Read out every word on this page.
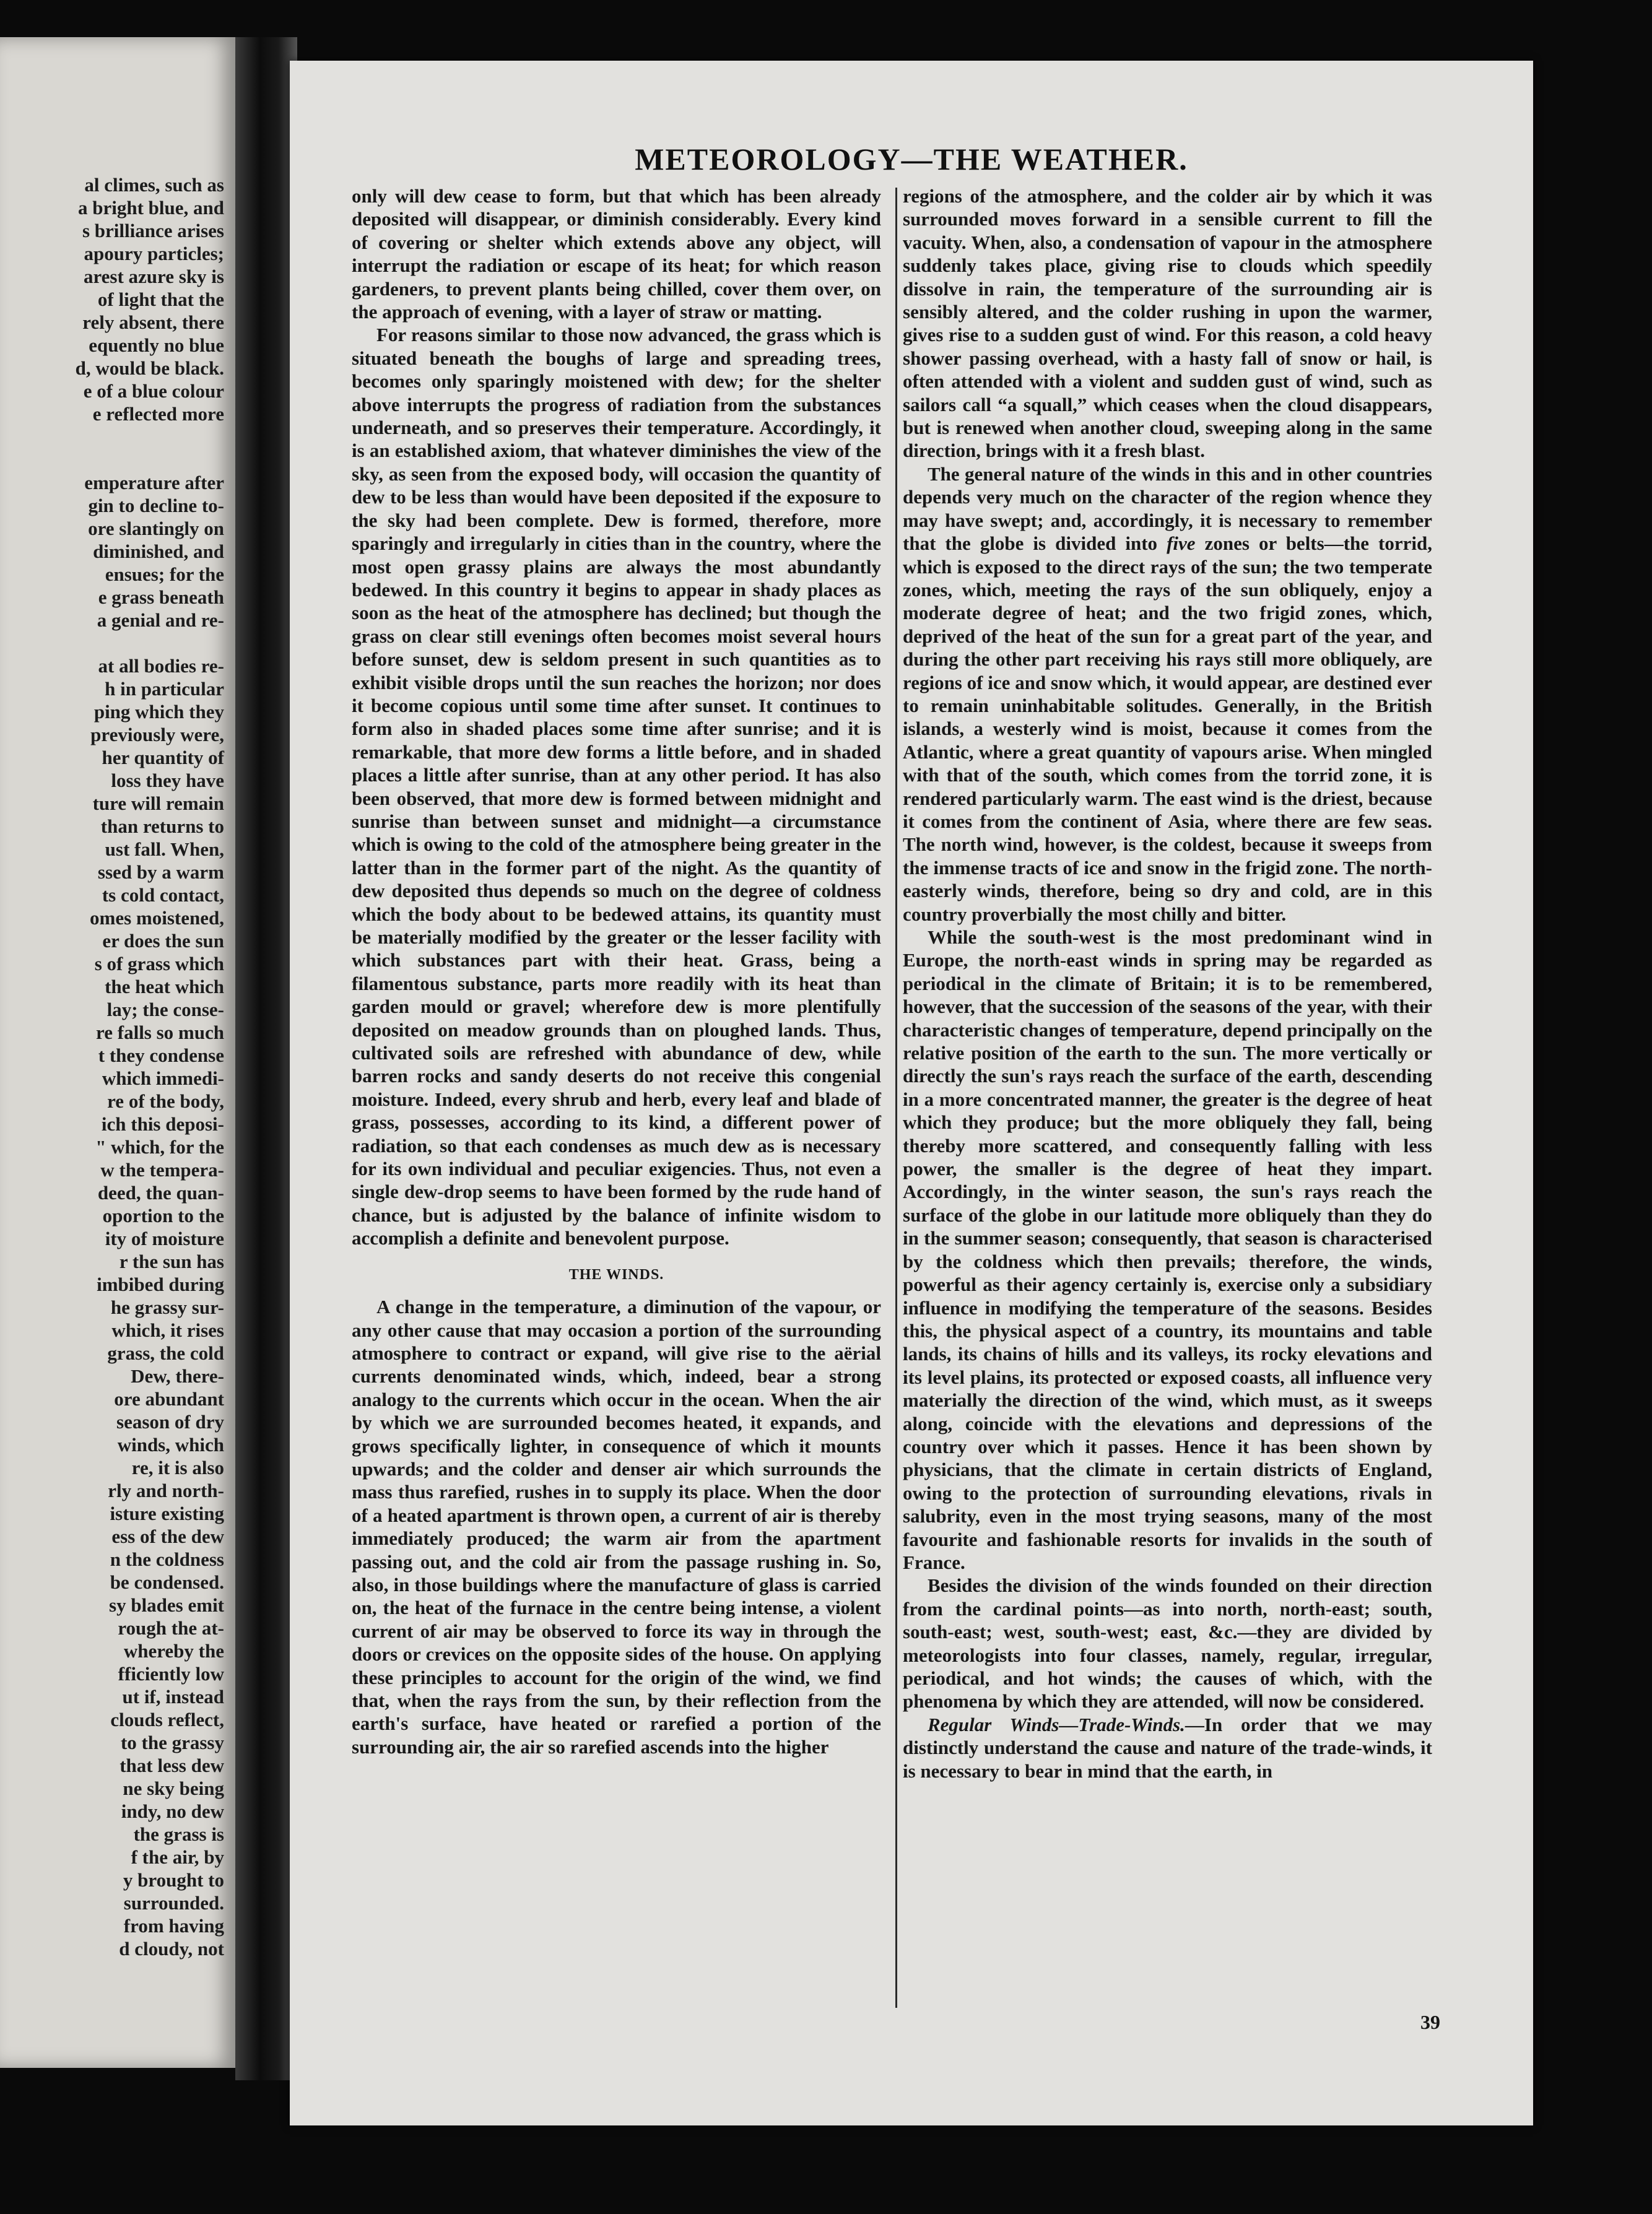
al climes, such as
a bright blue, and
s brilliance arises
apoury particles;
arest azure sky is
of light that the
rely absent, there
equently no blue
d, would be black.
e of a blue colour
e reflected more

emperature after
gin to decline to-
ore slantingly on
diminished, and
ensues; for the
e grass beneath
a genial and re-

at all bodies re-
h in particular
ping which they
previously were,
her quantity of
loss they have
ture will remain
than returns to
ust fall. When,
ssed by a warm
ts cold contact,
omes moistened,
er does the sun
s of grass which
the heat which
lay; the conse-
re falls so much
t they condense
which immedi-
re of the body,
ich this deposi-
" which, for the
w the tempera-
deed, the quan-
oportion to the
ity of moisture
r the sun has
imbibed during
he grassy sur-
which, it rises
grass, the cold
Dew, there-
ore abundant
season of dry
winds, which
re, it is also
rly and north-
isture existing
ess of the dew
n the coldness
be condensed.
sy blades emit
rough the at-
whereby the
fficiently low
ut if, instead
clouds reflect,
to the grassy
that less dew
ne sky being
indy, no dew
the grass is
f the air, by
y brought to
surrounded.
from having
d cloudy, not
METEOROLOGY—THE WEATHER.

only will dew cease to form, but that which has been already deposited will disappear, or diminish considerably. Every kind of covering or shelter which extends above any object, will interrupt the radiation or escape of its heat; for which reason gardeners, to prevent plants being chilled, cover them over, on the approach of evening, with a layer of straw or matting.

For reasons similar to those now advanced, the grass which is situated beneath the boughs of large and spreading trees, becomes only sparingly moistened with dew; for the shelter above interrupts the progress of radiation from the substances underneath, and so preserves their temperature. Accordingly, it is an established axiom, that whatever diminishes the view of the sky, as seen from the exposed body, will occasion the quantity of dew to be less than would have been deposited if the exposure to the sky had been complete. Dew is formed, therefore, more sparingly and irregularly in cities than in the country, where the most open grassy plains are always the most abundantly bedewed. In this country it begins to appear in shady places as soon as the heat of the atmosphere has declined; but though the grass on clear still evenings often becomes moist several hours before sunset, dew is seldom present in such quantities as to exhibit visible drops until the sun reaches the horizon; nor does it become copious until some time after sunset. It continues to form also in shaded places some time after sunrise; and it is remarkable, that more dew forms a little before, and in shaded places a little after sunrise, than at any other period. It has also been observed, that more dew is formed between midnight and sunrise than between sunset and midnight—a circumstance which is owing to the cold of the atmosphere being greater in the latter than in the former part of the night. As the quantity of dew deposited thus depends so much on the degree of coldness which the body about to be bedewed attains, its quantity must be materially modified by the greater or the lesser facility with which substances part with their heat. Grass, being a filamentous substance, parts more readily with its heat than garden mould or gravel; wherefore dew is more plentifully deposited on meadow grounds than on ploughed lands. Thus, cultivated soils are refreshed with abundance of dew, while barren rocks and sandy deserts do not receive this congenial moisture. Indeed, every shrub and herb, every leaf and blade of grass, possesses, according to its kind, a different power of radiation, so that each condenses as much dew as is necessary for its own individual and peculiar exigencies. Thus, not even a single dew-drop seems to have been formed by the rude hand of chance, but is adjusted by the balance of infinite wisdom to accomplish a definite and benevolent purpose.

THE WINDS.

A change in the temperature, a diminution of the vapour, or any other cause that may occasion a portion of the surrounding atmosphere to contract or expand, will give rise to the aërial currents denominated winds, which, indeed, bear a strong analogy to the currents which occur in the ocean. When the air by which we are surrounded becomes heated, it expands, and grows specifically lighter, in consequence of which it mounts upwards; and the colder and denser air which surrounds the mass thus rarefied, rushes in to supply its place. When the door of a heated apartment is thrown open, a current of air is thereby immediately produced; the warm air from the apartment passing out, and the cold air from the passage rushing in. So, also, in those buildings where the manufacture of glass is carried on, the heat of the furnace in the centre being intense, a violent current of air may be observed to force its way in through the doors or crevices on the opposite sides of the house. On applying these principles to account for the origin of the wind, we find that, when the rays from the sun, by their reflection from the earth's surface, have heated or rarefied a portion of the surrounding air, the air so rarefied ascends into the higher

regions of the atmosphere, and the colder air by which it was surrounded moves forward in a sensible current to fill the vacuity. When, also, a condensation of vapour in the atmosphere suddenly takes place, giving rise to clouds which speedily dissolve in rain, the temperature of the surrounding air is sensibly altered, and the colder rushing in upon the warmer, gives rise to a sudden gust of wind. For this reason, a cold heavy shower passing overhead, with a hasty fall of snow or hail, is often attended with a violent and sudden gust of wind, such as sailors call “a squall,” which ceases when the cloud disappears, but is renewed when another cloud, sweeping along in the same direction, brings with it a fresh blast.

The general nature of the winds in this and in other countries depends very much on the character of the region whence they may have swept; and, accordingly, it is necessary to remember that the globe is divided into five zones or belts—the torrid, which is exposed to the direct rays of the sun; the two temperate zones, which, meeting the rays of the sun obliquely, enjoy a moderate degree of heat; and the two frigid zones, which, deprived of the heat of the sun for a great part of the year, and during the other part receiving his rays still more obliquely, are regions of ice and snow which, it would appear, are destined ever to remain uninhabitable solitudes. Generally, in the British islands, a westerly wind is moist, because it comes from the Atlantic, where a great quantity of vapours arise. When mingled with that of the south, which comes from the torrid zone, it is rendered particularly warm. The east wind is the driest, because it comes from the continent of Asia, where there are few seas. The north wind, however, is the coldest, because it sweeps from the immense tracts of ice and snow in the frigid zone. The north-easterly winds, therefore, being so dry and cold, are in this country proverbially the most chilly and bitter.

While the south-west is the most predominant wind in Europe, the north-east winds in spring may be regarded as periodical in the climate of Britain; it is to be remembered, however, that the succession of the seasons of the year, with their characteristic changes of temperature, depend principally on the relative position of the earth to the sun. The more vertically or directly the sun's rays reach the surface of the earth, descending in a more concentrated manner, the greater is the degree of heat which they produce; but the more obliquely they fall, being thereby more scattered, and consequently falling with less power, the smaller is the degree of heat they impart. Accordingly, in the winter season, the sun's rays reach the surface of the globe in our latitude more obliquely than they do in the summer season; consequently, that season is characterised by the coldness which then prevails; therefore, the winds, powerful as their agency certainly is, exercise only a subsidiary influence in modifying the temperature of the seasons. Besides this, the physical aspect of a country, its mountains and table lands, its chains of hills and its valleys, its rocky elevations and its level plains, its protected or exposed coasts, all influence very materially the direction of the wind, which must, as it sweeps along, coincide with the elevations and depressions of the country over which it passes. Hence it has been shown by physicians, that the climate in certain districts of England, owing to the protection of surrounding elevations, rivals in salubrity, even in the most trying seasons, many of the most favourite and fashionable resorts for invalids in the south of France.

Besides the division of the winds founded on their direction from the cardinal points—as into north, north-east; south, south-east; west, south-west; east, &c.—they are divided by meteorologists into four classes, namely, regular, irregular, periodical, and hot winds; the causes of which, with the phenomena by which they are attended, will now be considered.

Regular Winds—Trade-Winds.—In order that we may distinctly understand the cause and nature of the trade-winds, it is necessary to bear in mind that the earth, in

39
